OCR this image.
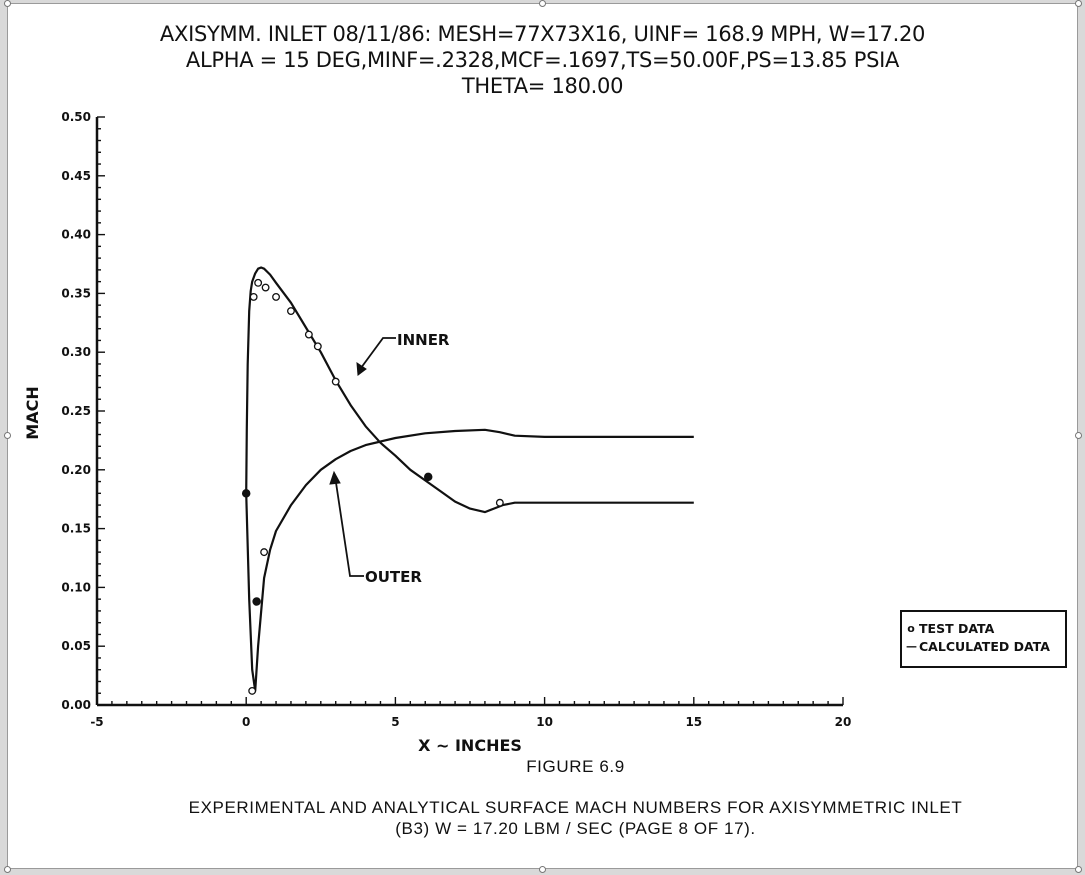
AXISYMM. INLET 08/11/86: MESH=77X73X16, UINF= 168.9 MPH, W=17.20
ALPHA = 15 DEG,MINF=.2328,MCF=.1697,TS=50.00F,PS=13.85 PSIA
THETA= 180.00
-5	0	5	10	15	20
0.00
0.05
0.10
0.15
0.20
0.25
0.30
0.35
0.40
0.45
0.50
INNER
OUTER
X ~ INCHES
MACH
o TEST DATA
— CALCULATED DATA
FIGURE 6.9
EXPERIMENTAL AND ANALYTICAL SURFACE MACH NUMBERS FOR AXISYMMETRIC INLET
(B3) W = 17.20 LBM / SEC (PAGE 8 OF 17).
